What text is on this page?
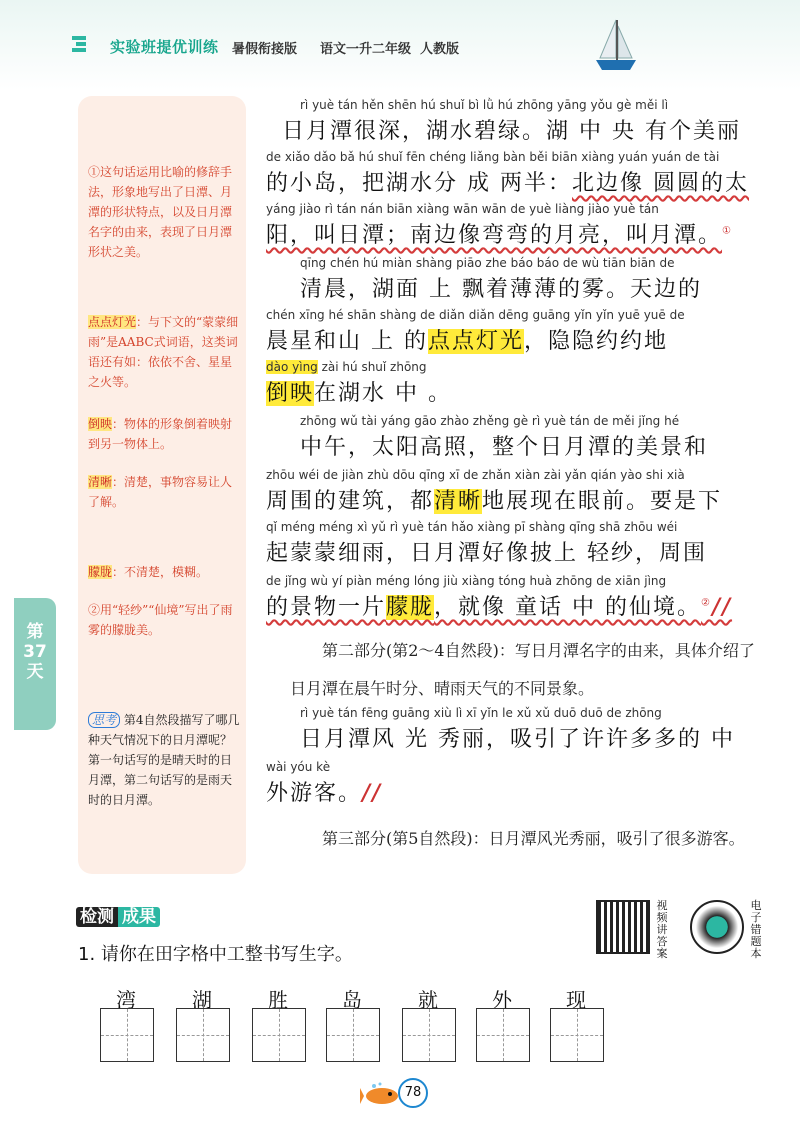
实验班提优训练 暑假衔接版 语文一升二年级 人教版
①这句话运用比喻的修辞手法，形象地写出了日潭、月潭的形状特点，以及日月潭名字的由来，表现了日月潭形状之美。
点点灯光：与下文的“蒙蒙细雨”是AABC式词语，这类词语还有如：依依不舍、星星之火等。
倒映：物体的形象倒着映射到另一物体上。
清晰：清楚，事物容易让人了解。
朦胧：不清楚，模糊。
②用“轻纱”“仙境”写出了雨雾的朦胧美。
思考 第4自然段描写了哪几种天气情况下的日月潭呢？
第一句话写的是晴天时的日月潭，第二句话写的是雨天时的日月潭。
第
37
天
rì yuè tán hěn shēn hú shuǐ bì lǜ hú zhōng yāng yǒu gè měi lì
日月潭很深，湖水碧绿。湖 中 央 有个美丽
de xiǎo dǎo bǎ hú shuǐ fēn chéng liǎng bàn běi biān xiàng yuán yuán de tài
的小岛，把湖水分 成 两半：北边像 圆圆的太
yáng jiào rì tán nán biān xiàng wān wān de yuè liàng jiào yuè tán
阳，叫日潭；南边像弯弯的月亮，叫月潭。①
qīng chén hú miàn shàng piāo zhe báo báo de wù tiān biān de
清晨，湖面 上 飘着薄薄的雾。天边的
chén xīng hé shān shàng de diǎn diǎn dēng guāng yǐn yǐn yuē yuē de
晨星和山 上 的点点灯光，隐隐约约地
dào yìng zài hú shuǐ zhōng
倒映在湖水 中 。
zhōng wǔ tài yáng gāo zhào zhěng gè rì yuè tán de měi jǐng hé
中午，太阳高照，整个日月潭的美景和
zhōu wéi de jiàn zhù dōu qīng xī de zhǎn xiàn zài yǎn qián yào shi xià
周围的建筑，都清晰地展现在眼前。要是下
qǐ méng méng xì yǔ rì yuè tán hǎo xiàng pī shàng qīng shā zhōu wéi
起蒙蒙细雨，日月潭好像披上 轻纱，周围
de jǐng wù yí piàn méng lóng jiù xiàng tóng huà zhōng de xiān jìng
的景物一片朦胧，就像 童话 中 的仙境。②//
第二部分(第2～4自然段)：写日月潭名字的由来，具体介绍了日月潭在晨午时分、晴雨天气的不同景象。
rì yuè tán fēng guāng xiù lì xī yǐn le xǔ xǔ duō duō de zhōng
日月潭风 光 秀丽，吸引了许许多多的 中
wài yóu kè
外游客。//
第三部分(第5自然段)：日月潭风光秀丽，吸引了很多游客。
检测 成果
1. 请你在田字格中工整书写生字。
视频讲答案
电子错题本
湾	湖	胜	岛	就	外	现
78
